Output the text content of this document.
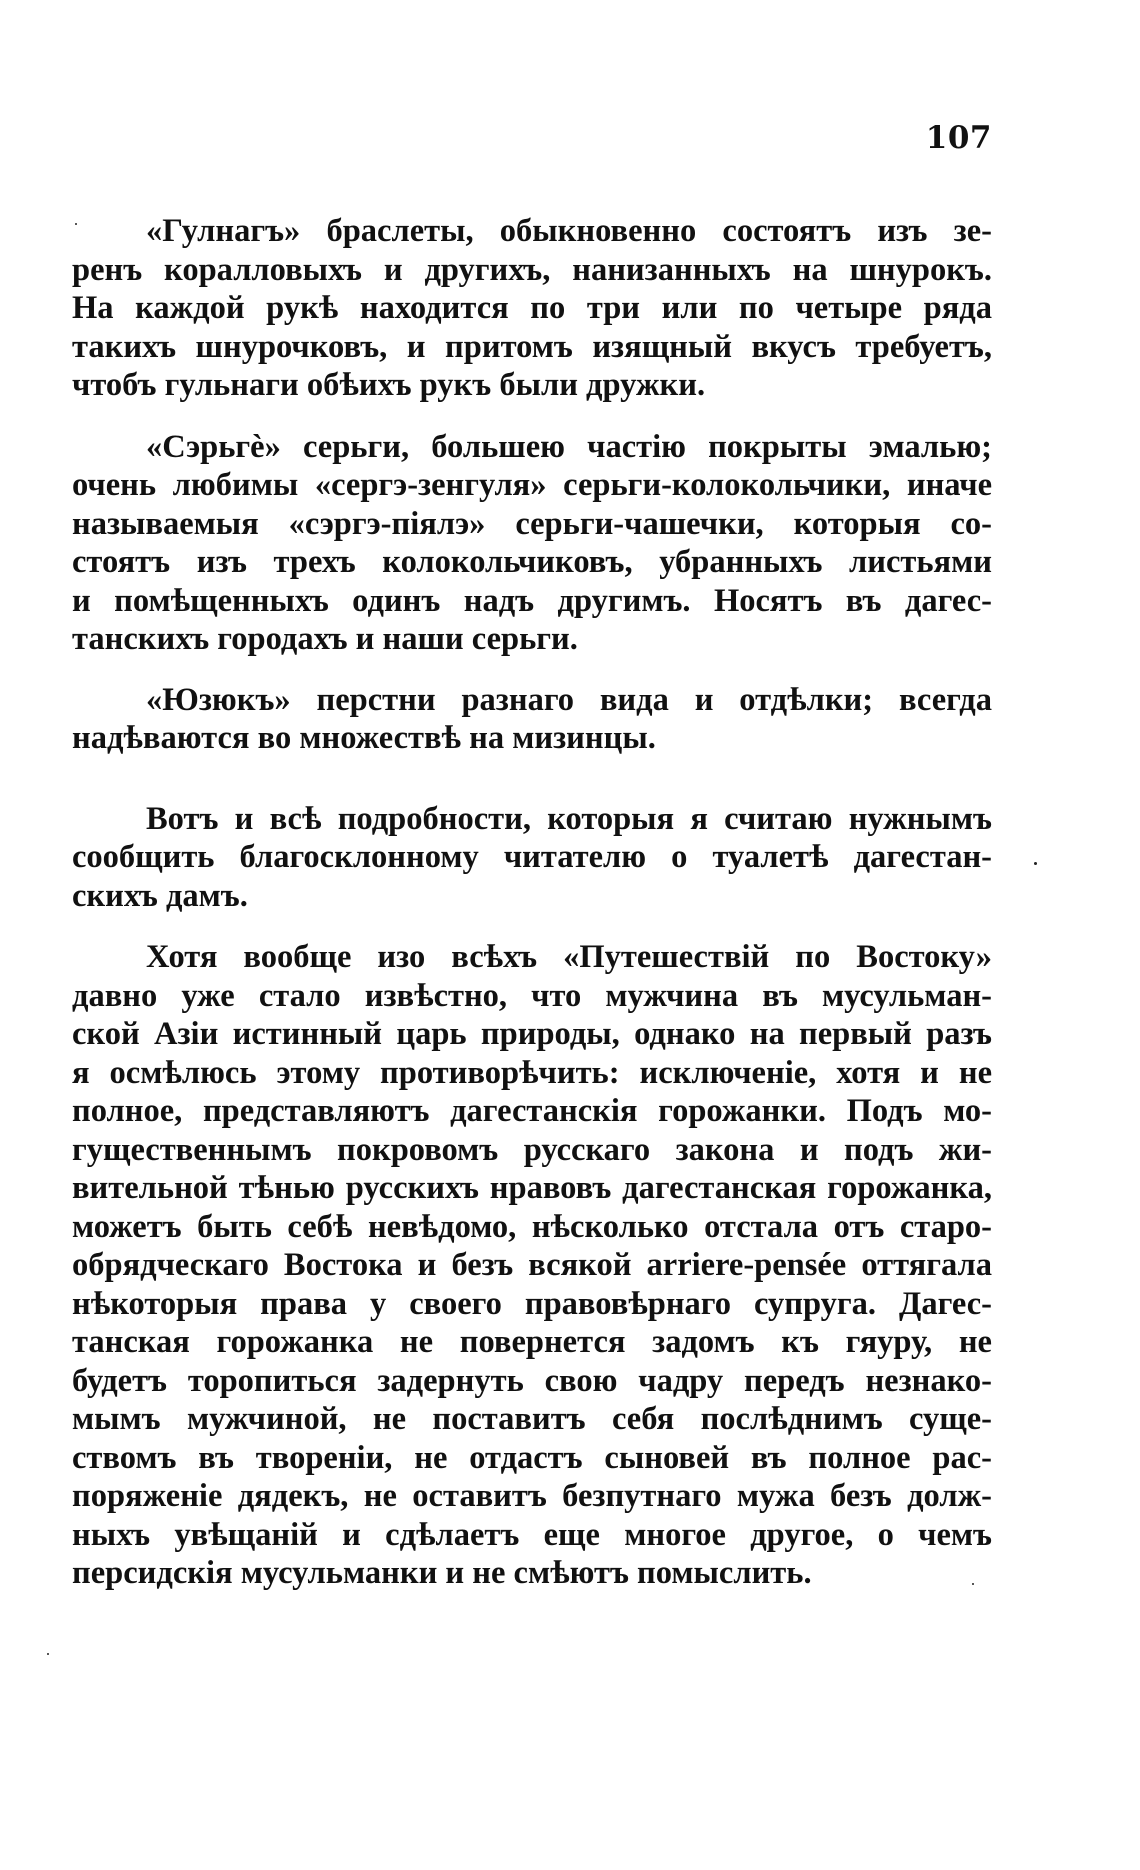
107

«Гулнагъ» браслеты, обыкновенно состоятъ изъ зе-
ренъ коралловыхъ и другихъ, нанизанныхъ на шнурокъ.
На каждой рукѣ находится по три или по четыре ряда
такихъ шнурочковъ, и притомъ изящный вкусъ требуетъ,
чтобъ гульнаги обѣихъ рукъ были дружки.

«Сэрьгè» серьги, большею частію покрыты эмалью;
очень любимы «сергэ-зенгуля» серьги-колокольчики, иначе
называемыя «сэргэ-піялэ» серьги-чашечки, которыя со-
стоятъ изъ трехъ колокольчиковъ, убранныхъ листьями
и помѣщенныхъ одинъ надъ другимъ. Носятъ въ дагес-
танскихъ городахъ и наши серьги.

«Юзюкъ» перстни разнаго вида и отдѣлки; всегда
надѣваются во множествѣ на мизинцы.

Вотъ и всѣ подробности, которыя я считаю нужнымъ
сообщить благосклонному читателю о туалетѣ дагестан-
скихъ дамъ.

Хотя вообще изо всѣхъ «Путешествій по Востоку»
давно уже стало извѣстно, что мужчина въ мусульман-
ской Азіи истинный царь природы, однако на первый разъ
я осмѣлюсь этому противорѣчить: исключеніе, хотя и не
полное, представляютъ дагестанскія горожанки. Подъ мо-
гущественнымъ покровомъ русскаго закона и подъ жи-
вительной тѣнью русскихъ нравовъ дагестанская горожанка,
можетъ быть себѣ невѣдомо, нѣсколько отстала отъ старо-
обрядческаго Востока и безъ всякой arriere-pensée оттягала
нѣкоторыя права у своего правовѣрнаго супруга. Дагес-
танская горожанка не повернется задомъ къ гяуру, не
будетъ торопиться задернуть свою чадру передъ незнако-
мымъ мужчиной, не поставитъ себя послѣднимъ суще-
ствомъ въ твореніи, не отдастъ сыновей въ полное рас-
поряженіе дядекъ, не оставитъ безпутнаго мужа безъ долж-
ныхъ увѣщаній и сдѣлаетъ еще многое другое, о чемъ
персидскія мусульманки и не смѣютъ помыслить.
